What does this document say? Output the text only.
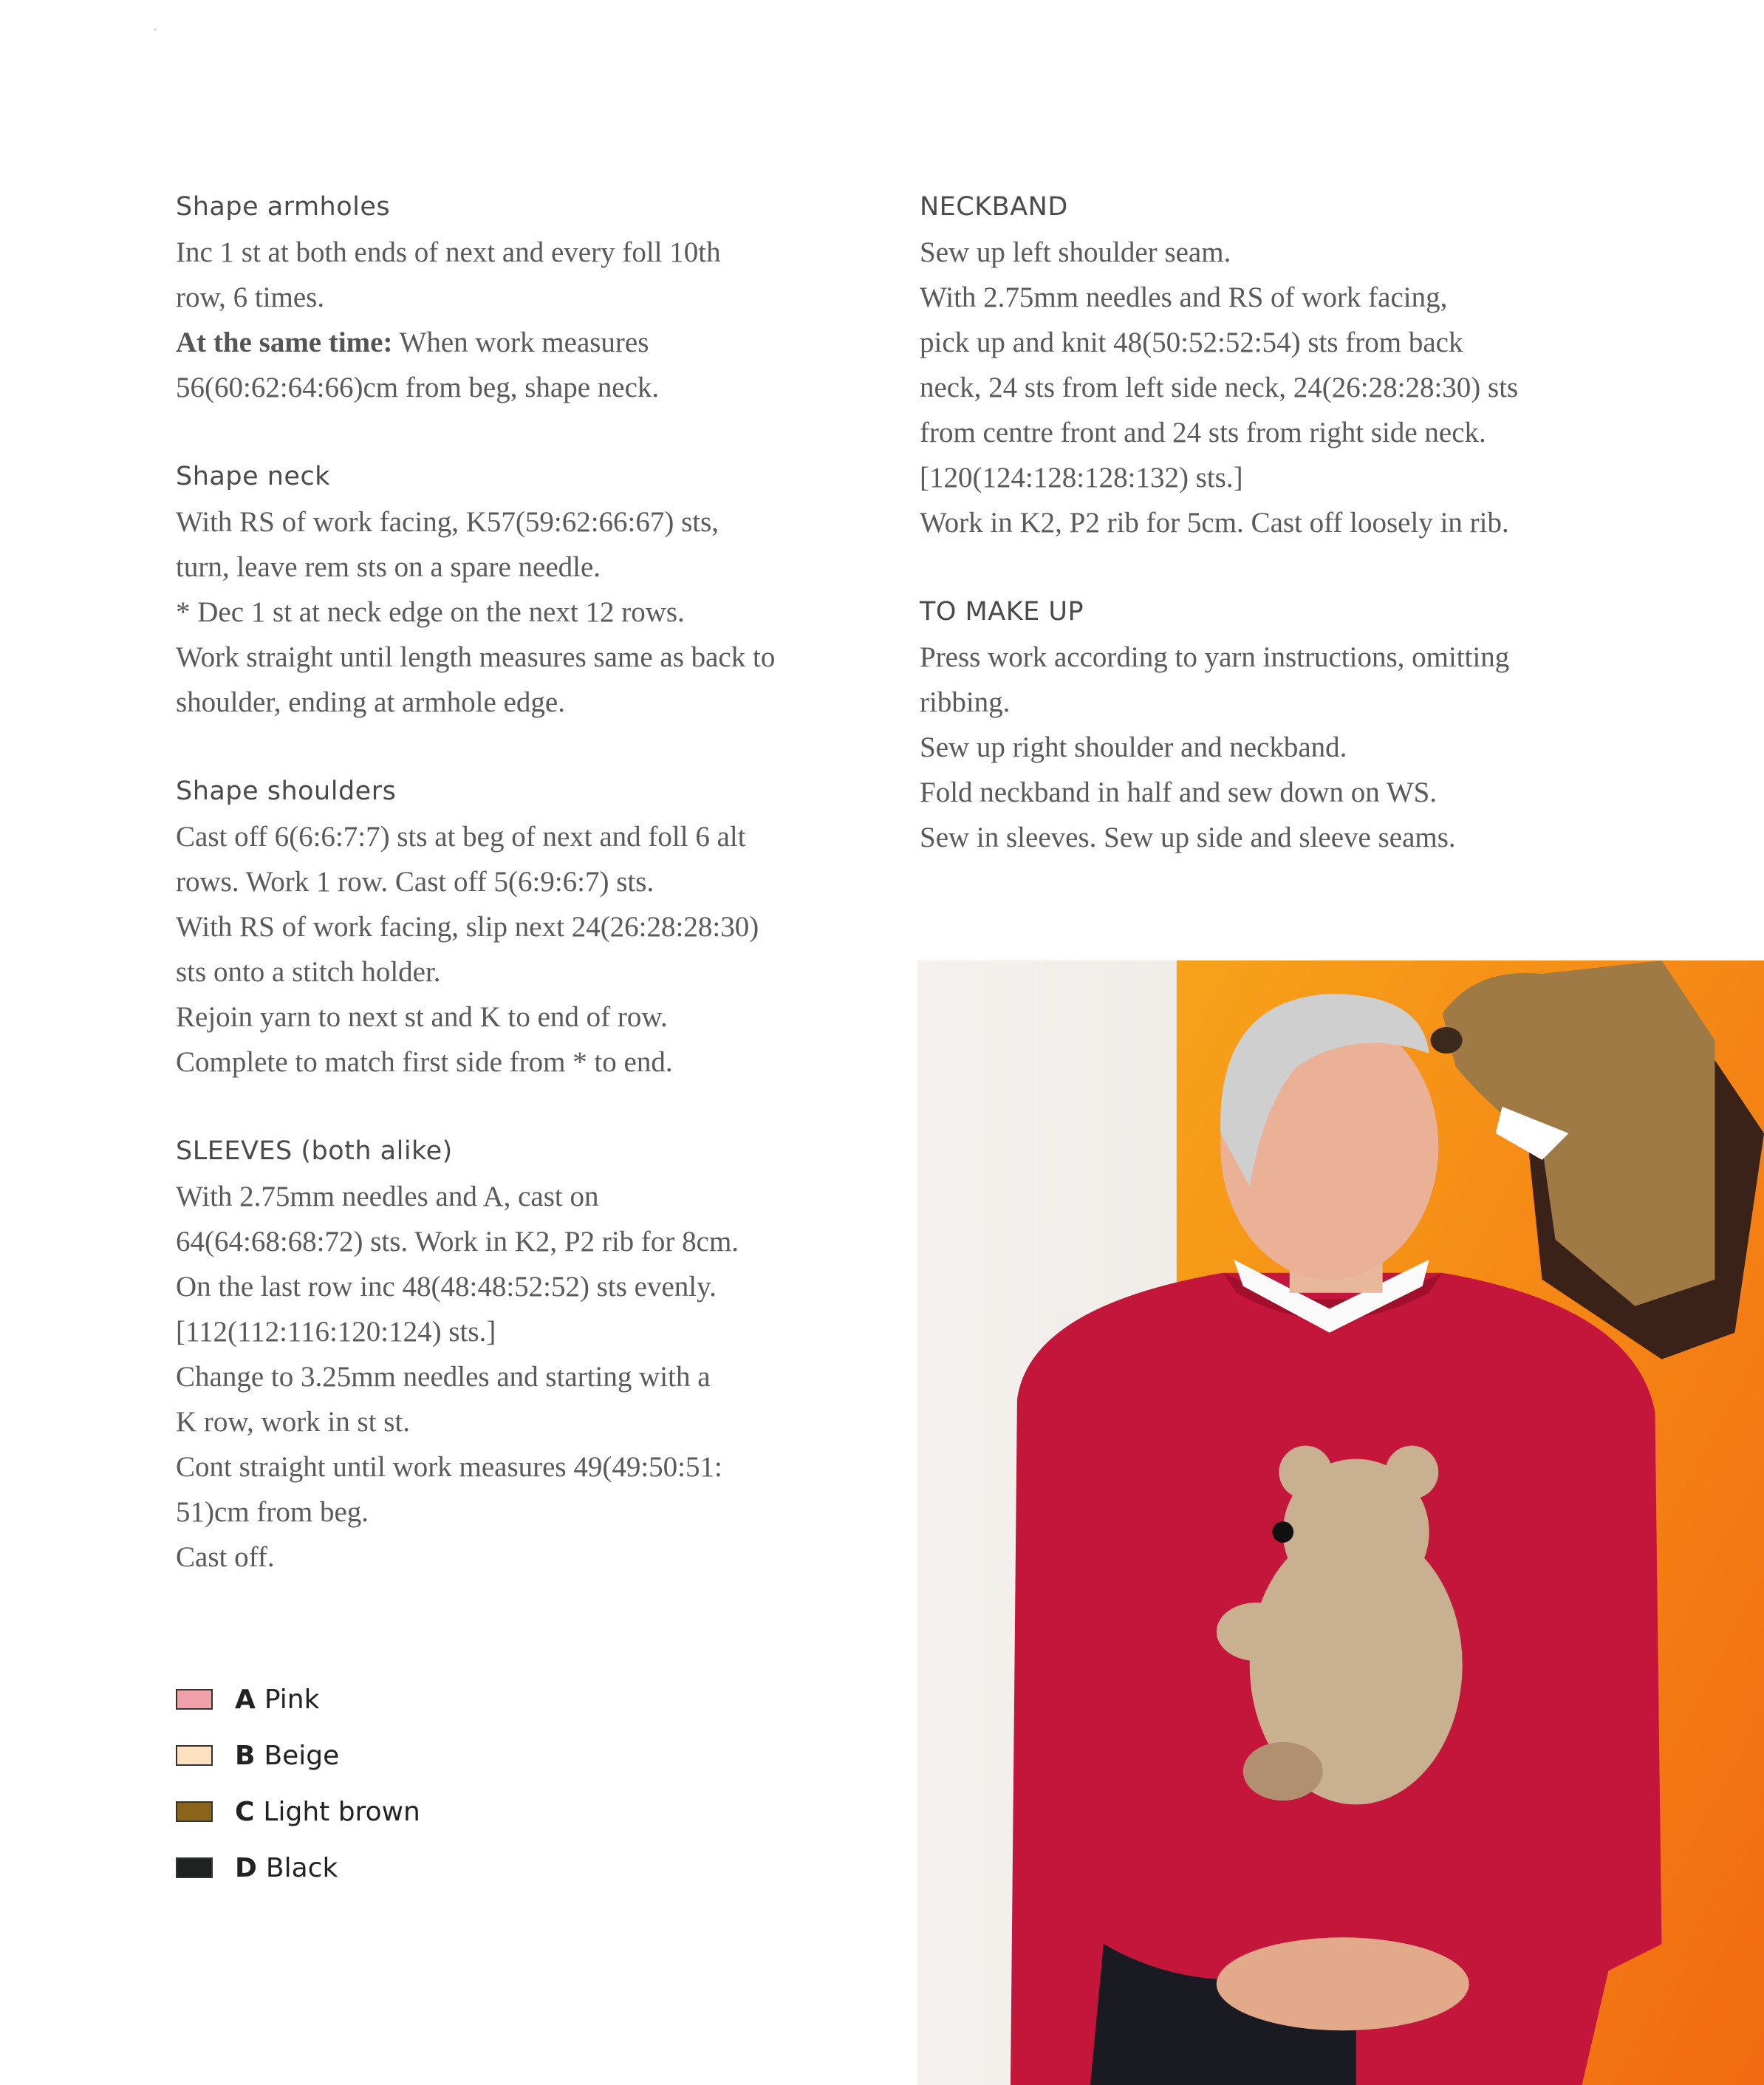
Shape armholes
Inc 1 st at both ends of next and every foll 10th
row, 6 times.
At the same time: When work measures
56(60:62:64:66)cm from beg, shape neck.
Shape neck
With RS of work facing, K57(59:62:66:67) sts,
turn, leave rem sts on a spare needle.
* Dec 1 st at neck edge on the next 12 rows.
Work straight until length measures same as back to
shoulder, ending at armhole edge.
Shape shoulders
Cast off 6(6:6:7:7) sts at beg of next and foll 6 alt
rows. Work 1 row. Cast off 5(6:9:6:7) sts.
With RS of work facing, slip next 24(26:28:28:30)
sts onto a stitch holder.
Rejoin yarn to next st and K to end of row.
Complete to match first side from * to end.
SLEEVES (both alike)
With 2.75mm needles and A, cast on
64(64:68:68:72) sts. Work in K2, P2 rib for 8cm.
On the last row inc 48(48:48:52:52) sts evenly.
[112(112:116:120:124) sts.]
Change to 3.25mm needles and starting with a
K row, work in st st.
Cont straight until work measures 49(49:50:51:
51)cm from beg.
Cast off.
NECKBAND
Sew up left shoulder seam.
With 2.75mm needles and RS of work facing,
pick up and knit 48(50:52:52:54) sts from back
neck, 24 sts from left side neck, 24(26:28:28:30) sts
from centre front and 24 sts from right side neck.
[120(124:128:128:132) sts.]
Work in K2, P2 rib for 5cm. Cast off loosely in rib.
TO MAKE UP
Press work according to yarn instructions, omitting
ribbing.
Sew up right shoulder and neckband.
Fold neckband in half and sew down on WS.
Sew in sleeves. Sew up side and sleeve seams.
A Pink
B Beige
C Light brown
D Black
